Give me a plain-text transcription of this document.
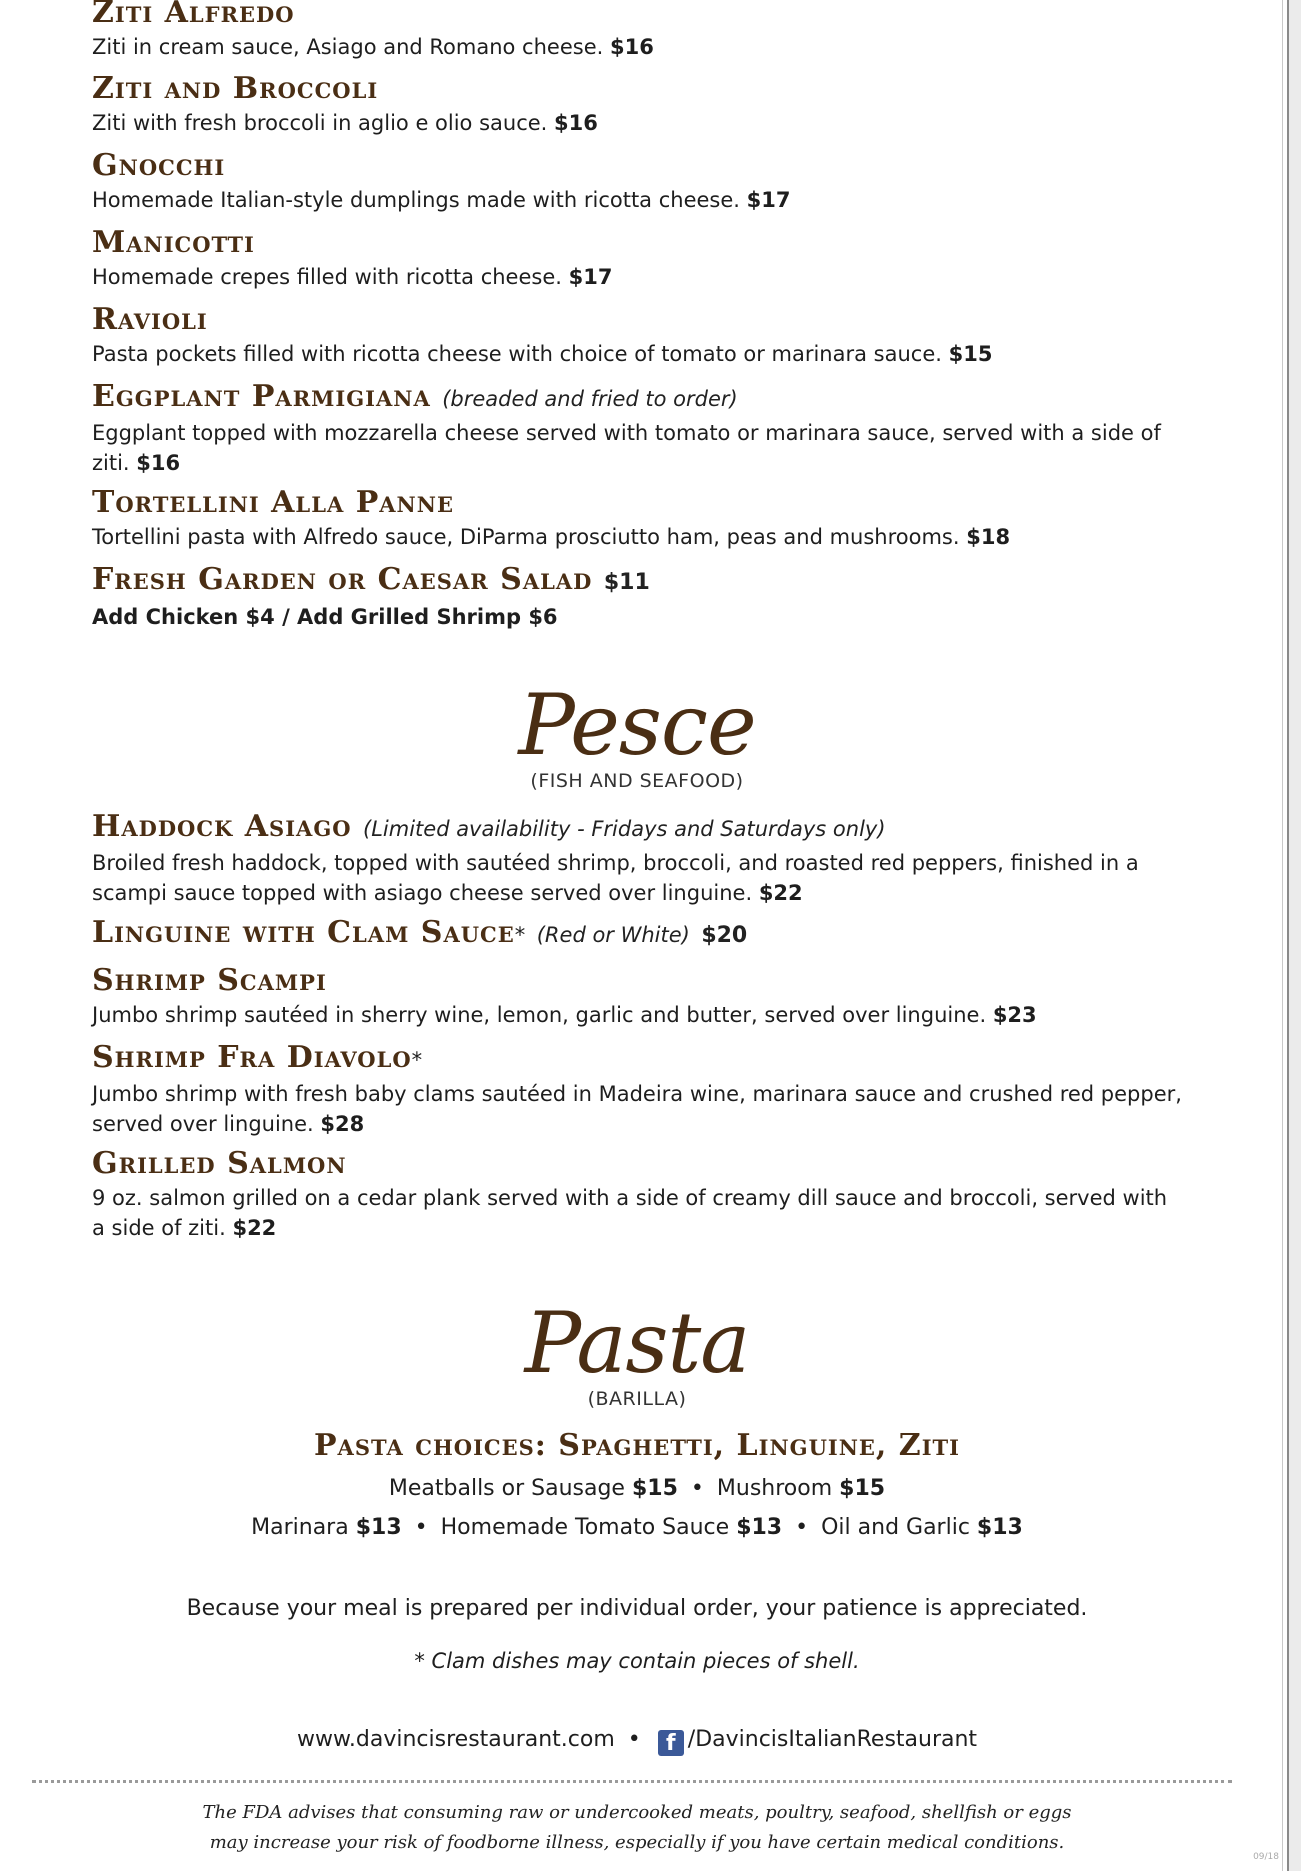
Ziti Alfredo
Ziti in cream sauce, Asiago and Romano cheese. $16
Ziti and Broccoli
Ziti with fresh broccoli in aglio e olio sauce. $16
Gnocchi
Homemade Italian-style dumplings made with ricotta cheese. $17
Manicotti
Homemade crepes filled with ricotta cheese. $17
Ravioli
Pasta pockets filled with ricotta cheese with choice of tomato or marinara sauce. $15
Eggplant Parmigiana (breaded and fried to order)
Eggplant topped with mozzarella cheese served with tomato or marinara sauce, served with a side of ziti. $16
Tortellini Alla Panne
Tortellini pasta with Alfredo sauce, DiParma prosciutto ham, peas and mushrooms. $18
Fresh Garden or Caesar Salad $11
Add Chicken $4 / Add Grilled Shrimp $6
Pesce
(FISH AND SEAFOOD)
Haddock Asiago (Limited availability - Fridays and Saturdays only)
Broiled fresh haddock, topped with sautéed shrimp, broccoli, and roasted red peppers, finished in a scampi sauce topped with asiago cheese served over linguine. $22
Linguine with Clam Sauce* (Red or White) $20
Shrimp Scampi
Jumbo shrimp sautéed in sherry wine, lemon, garlic and butter, served over linguine. $23
Shrimp Fra Diavolo*
Jumbo shrimp with fresh baby clams sautéed in Madeira wine, marinara sauce and crushed red pepper, served over linguine. $28
Grilled Salmon
9 oz. salmon grilled on a cedar plank served with a side of creamy dill sauce and broccoli, served with a side of ziti. $22
Pasta
(BARILLA)
Pasta choices: Spaghetti, Linguine, Ziti
Meatballs or Sausage $15 • Mushroom $15
Marinara $13 • Homemade Tomato Sauce $13 • Oil and Garlic $13
Because your meal is prepared per individual order, your patience is appreciated.
* Clam dishes may contain pieces of shell.
www.davincisrestaurant.com • f /DavincisItalianRestaurant
The FDA advises that consuming raw or undercooked meats, poultry, seafood, shellfish or eggs
may increase your risk of foodborne illness, especially if you have certain medical conditions.
09/18
